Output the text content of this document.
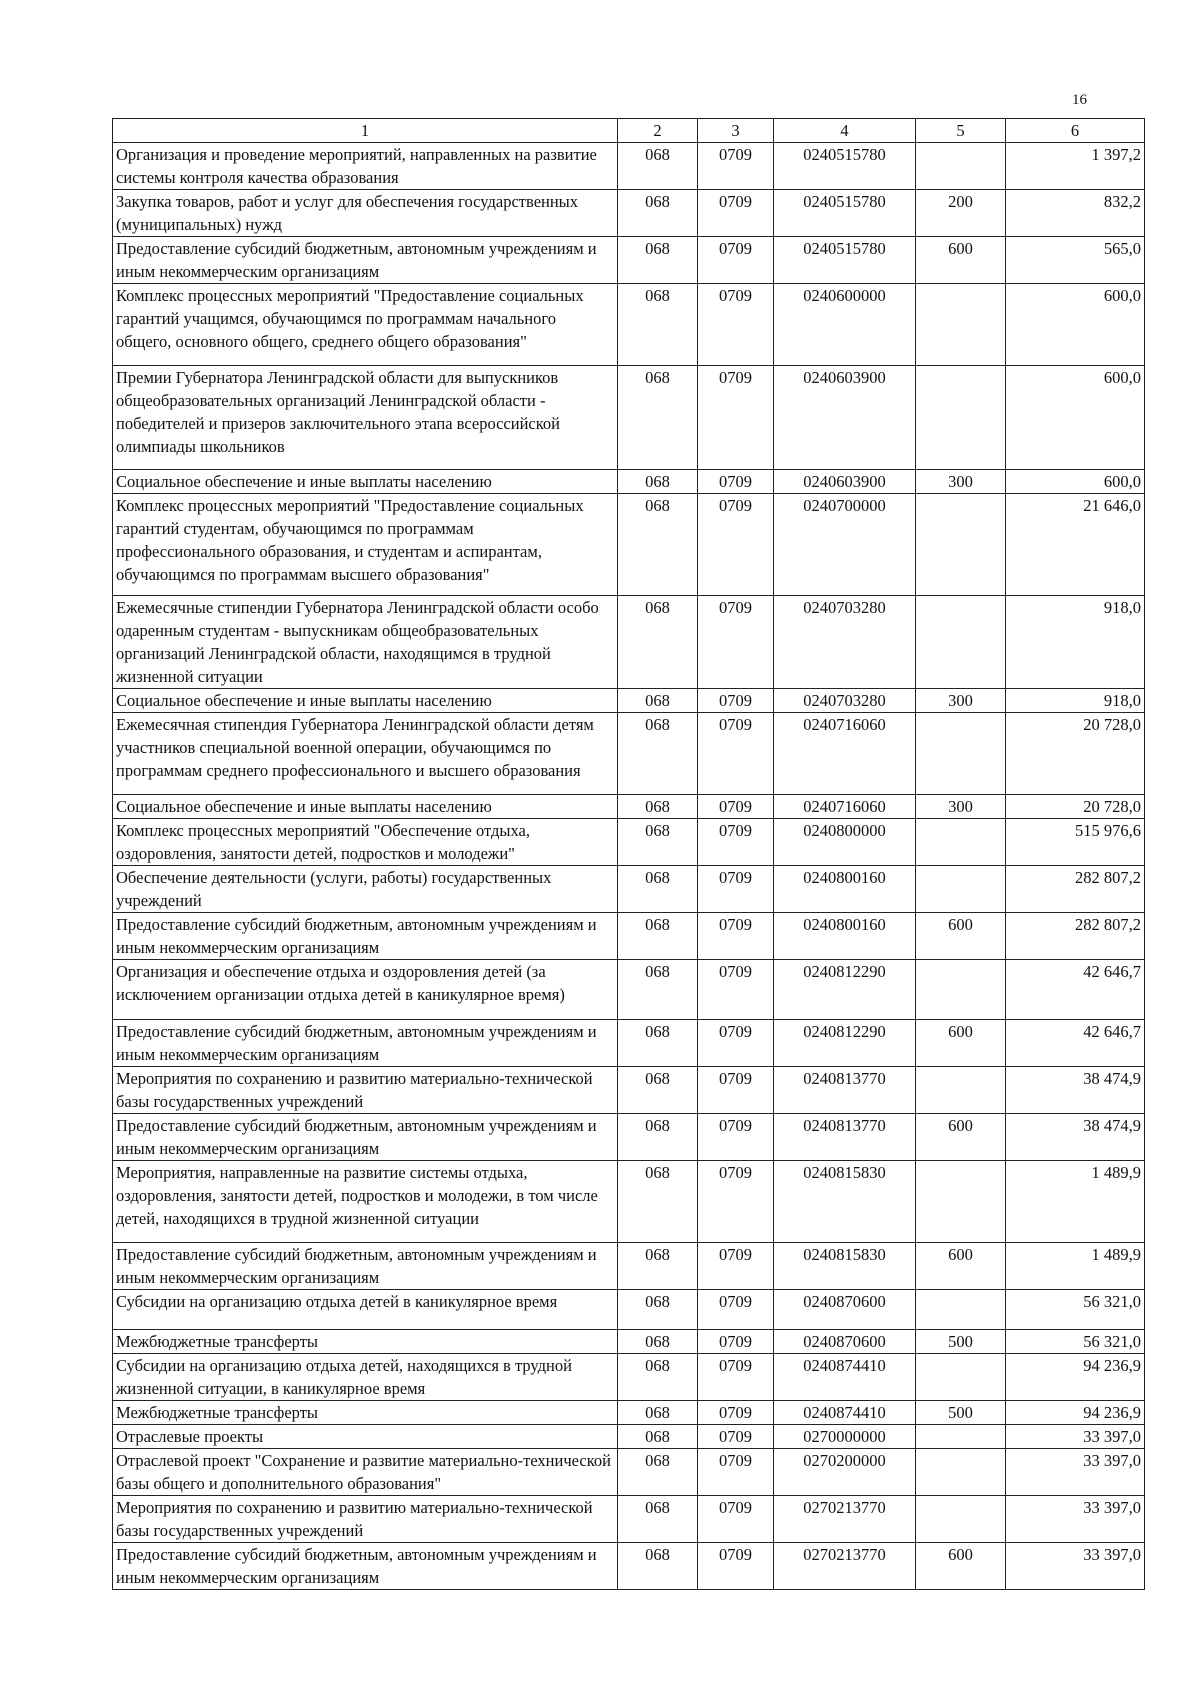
16
1	2	3	4	5	6
Организация и проведение мероприятий, направленных на развитие системы контроля качества образования	068	0709	0240515780		1 397,2
Закупка товаров, работ и услуг для обеспечения государственных (муниципальных) нужд	068	0709	0240515780	200	832,2
Предоставление субсидий бюджетным, автономным учреждениям и иным некоммерческим организациям	068	0709	0240515780	600	565,0
Комплекс процессных мероприятий "Предоставление социальных гарантий учащимся, обучающимся по программам начального общего, основного общего, среднего общего образования"	068	0709	0240600000		600,0
Премии Губернатора Ленинградской области для выпускников общеобразовательных организаций Ленинградской области - победителей и призеров заключительного этапа всероссийской олимпиады школьников	068	0709	0240603900		600,0
Социальное обеспечение и иные выплаты населению	068	0709	0240603900	300	600,0
Комплекс процессных мероприятий "Предоставление социальных гарантий студентам, обучающимся по программам профессионального образования, и студентам и аспирантам, обучающимся по программам высшего образования"	068	0709	0240700000		21 646,0
Ежемесячные стипендии Губернатора Ленинградской области особо одаренным студентам - выпускникам общеобразовательных организаций Ленинградской области, находящимся в трудной жизненной ситуации	068	0709	0240703280		918,0
Социальное обеспечение и иные выплаты населению	068	0709	0240703280	300	918,0
Ежемесячная стипендия Губернатора Ленинградской области детям участников специальной военной операции, обучающимся по программам среднего профессионального и высшего образования	068	0709	0240716060		20 728,0
Социальное обеспечение и иные выплаты населению	068	0709	0240716060	300	20 728,0
Комплекс процессных мероприятий "Обеспечение отдыха, оздоровления, занятости детей, подростков и молодежи"	068	0709	0240800000		515 976,6
Обеспечение деятельности (услуги, работы) государственных учреждений	068	0709	0240800160		282 807,2
Предоставление субсидий бюджетным, автономным учреждениям и иным некоммерческим организациям	068	0709	0240800160	600	282 807,2
Организация и обеспечение отдыха и оздоровления детей (за исключением организации отдыха детей в каникулярное время)	068	0709	0240812290		42 646,7
Предоставление субсидий бюджетным, автономным учреждениям и иным некоммерческим организациям	068	0709	0240812290	600	42 646,7
Мероприятия по сохранению и развитию материально-технической базы государственных учреждений	068	0709	0240813770		38 474,9
Предоставление субсидий бюджетным, автономным учреждениям и иным некоммерческим организациям	068	0709	0240813770	600	38 474,9
Мероприятия, направленные на развитие системы отдыха, оздоровления, занятости детей, подростков и молодежи, в том числе детей, находящихся в трудной жизненной ситуации	068	0709	0240815830		1 489,9
Предоставление субсидий бюджетным, автономным учреждениям и иным некоммерческим организациям	068	0709	0240815830	600	1 489,9
Субсидии на организацию отдыха детей в каникулярное время	068	0709	0240870600		56 321,0
Межбюджетные трансферты	068	0709	0240870600	500	56 321,0
Субсидии на организацию отдыха детей, находящихся в трудной жизненной ситуации, в каникулярное время	068	0709	0240874410		94 236,9
Межбюджетные трансферты	068	0709	0240874410	500	94 236,9
Отраслевые проекты	068	0709	0270000000		33 397,0
Отраслевой проект "Сохранение и развитие материально-технической базы общего и дополнительного образования"	068	0709	0270200000		33 397,0
Мероприятия по сохранению и развитию материально-технической базы государственных учреждений	068	0709	0270213770		33 397,0
Предоставление субсидий бюджетным, автономным учреждениям и иным некоммерческим организациям	068	0709	0270213770	600	33 397,0
